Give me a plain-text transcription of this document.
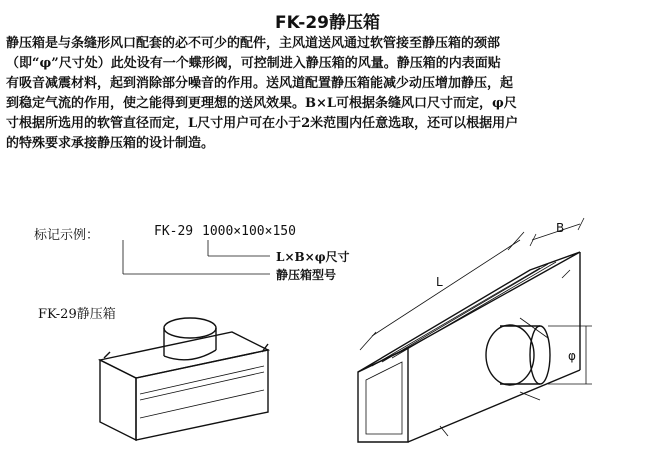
FK-29静压箱

静压箱是与条缝形风口配套的必不可少的配件，主风道送风通过软管接至静压箱的颈部
（即“φ”尺寸处）此处设有一个蝶形阀，可控制进入静压箱的风量。静压箱的内表面贴
有吸音减震材料，起到消除部分噪音的作用。送风道配置静压箱能减少动压增加静压，起
到稳定气流的作用，使之能得到更理想的送风效果。B×L可根据条缝风口尺寸而定，φ尺
寸根据所选用的软管直径而定，L尺寸用户可在小于2米范围内任意选取，还可以根据用户
的特殊要求承接静压箱的设计制造。

标记示例：	FK-29 1000×100×150
L
B
φ
L×B×φ尺寸
静压箱型号
FK-29静压箱
